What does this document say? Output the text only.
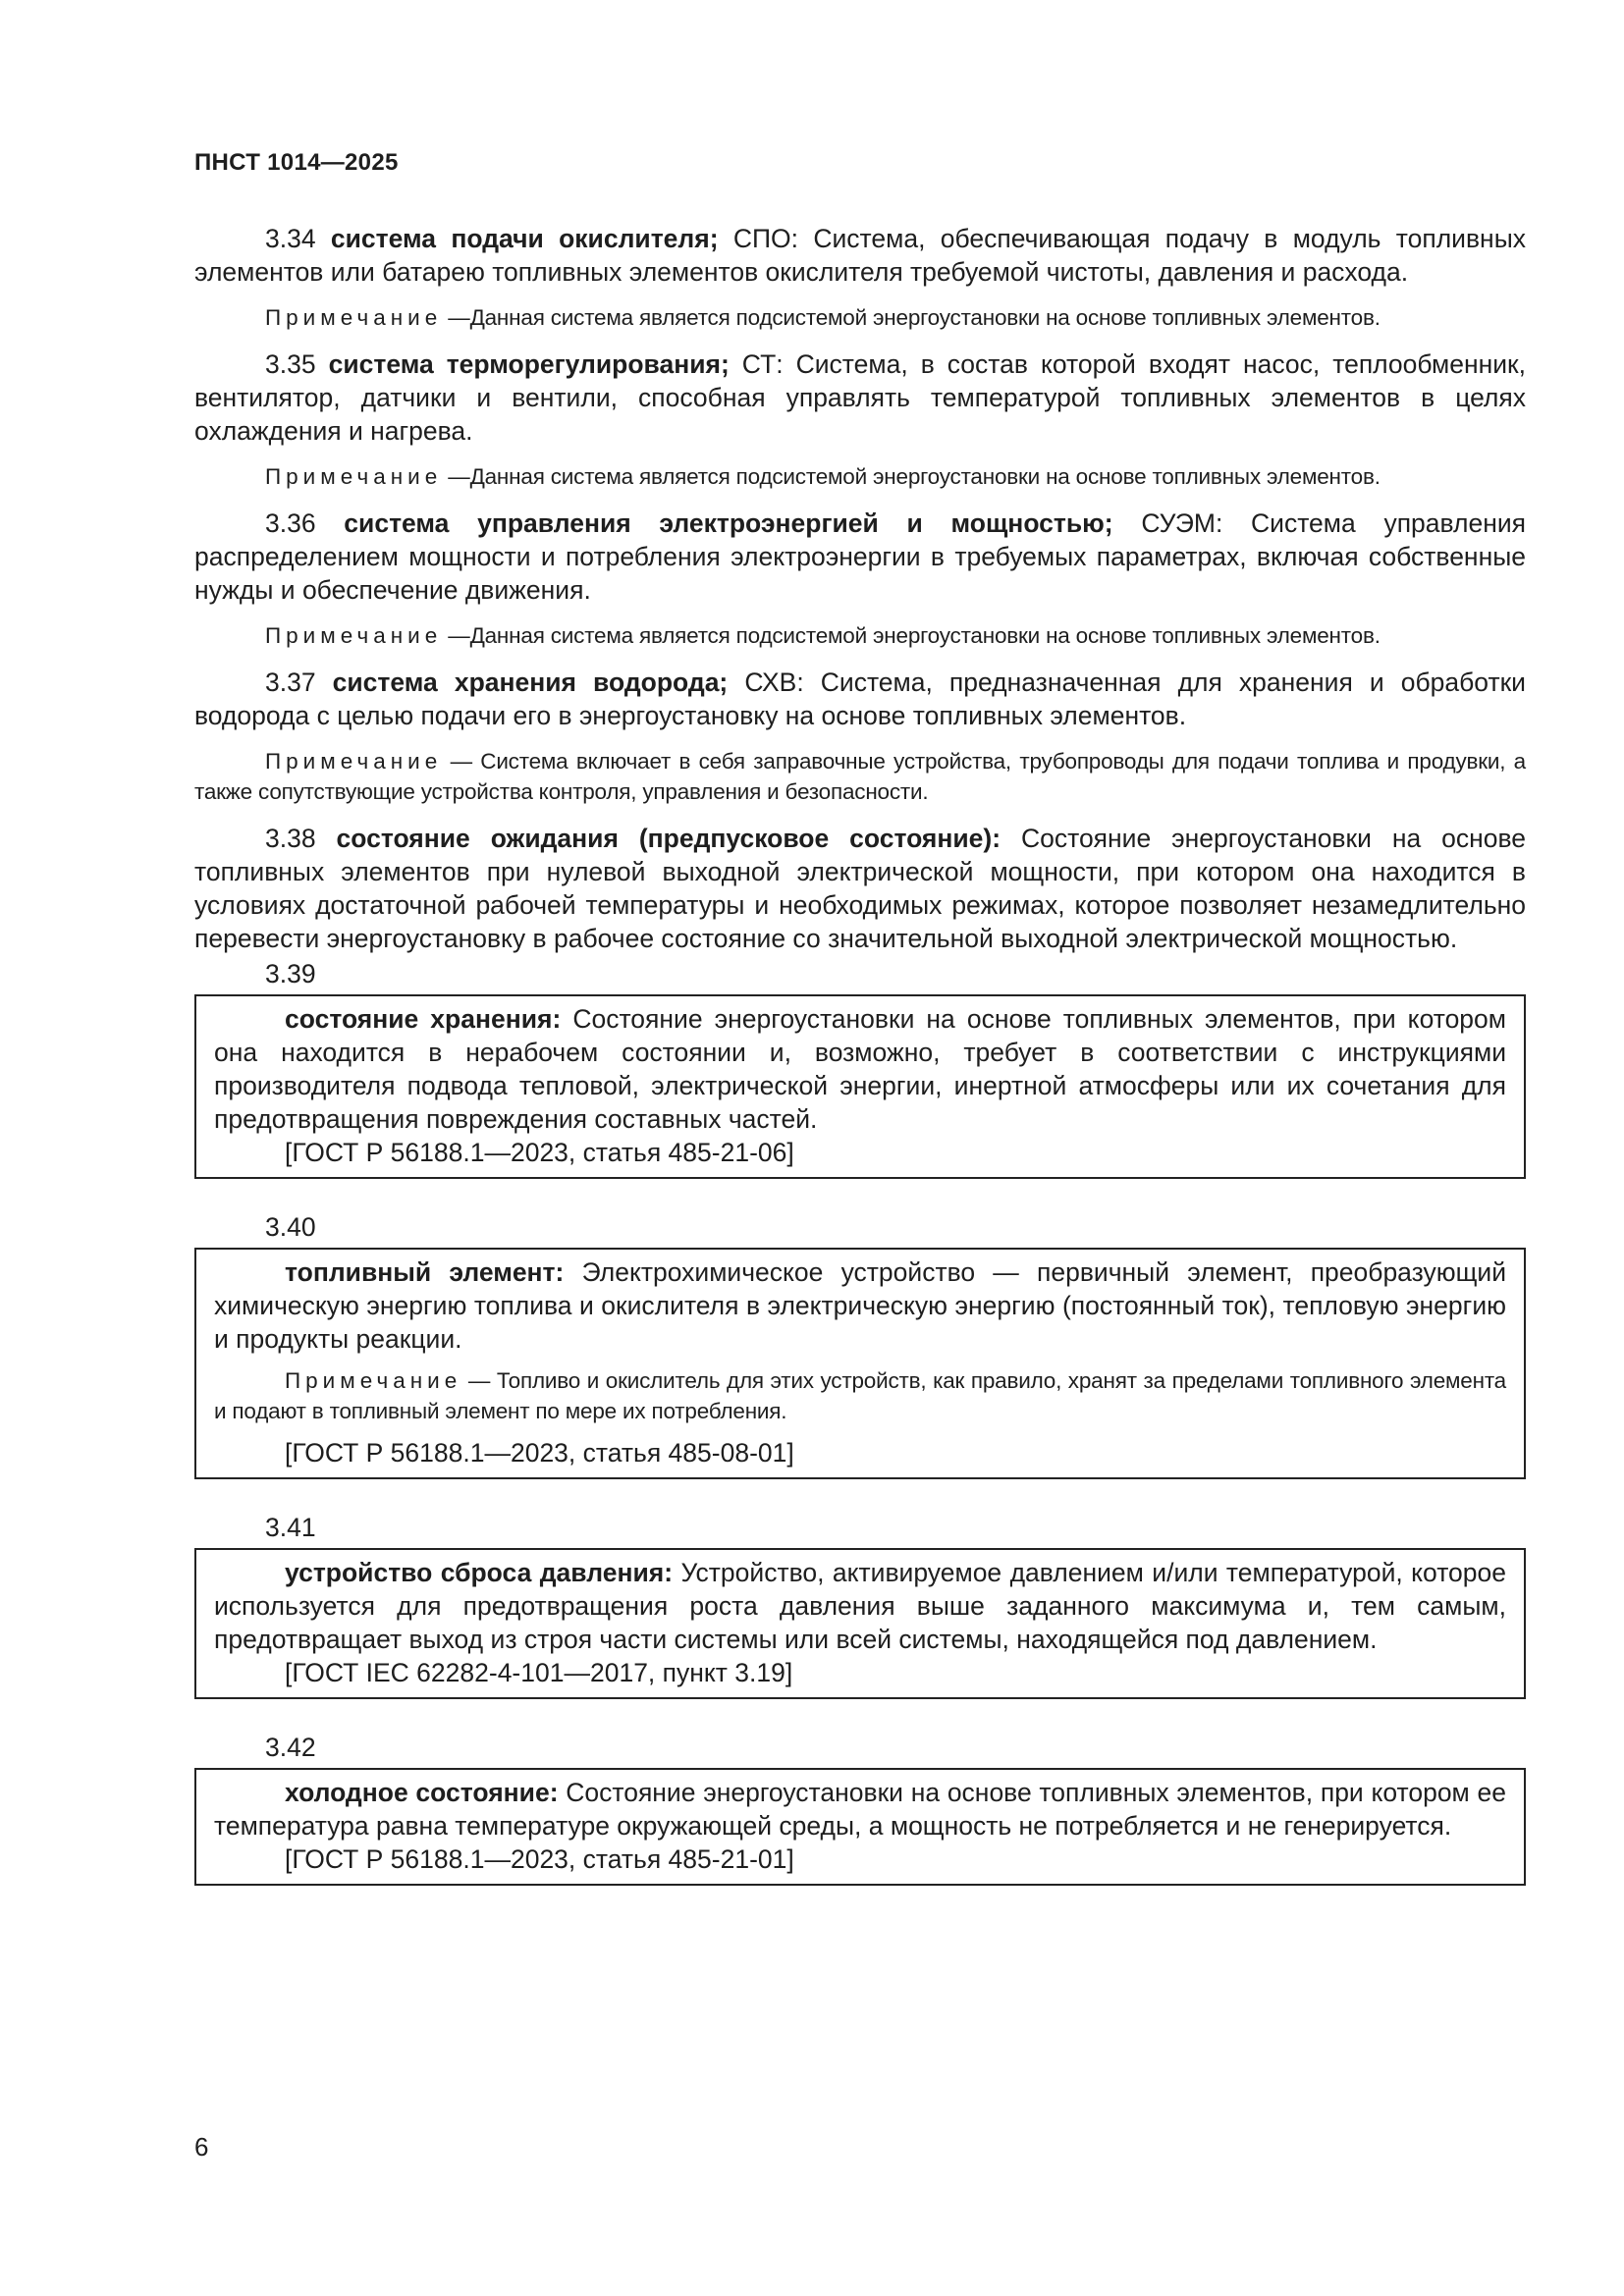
ПНСТ 1014—2025

3.34 система подачи окислителя; СПО: Система, обеспечивающая подачу в модуль топливных элементов или батарею топливных элементов окислителя требуемой чистоты, давления и расхода.

Примечание —Данная система является подсистемой энергоустановки на основе топливных элементов.

3.35 система терморегулирования; СТ: Система, в состав которой входят насос, теплообменник, вентилятор, датчики и вентили, способная управлять температурой топливных элементов в целях охлаждения и нагрева.

Примечание —Данная система является подсистемой энергоустановки на основе топливных элементов.

3.36 система управления электроэнергией и мощностью; СУЭМ: Система управления распределением мощности и потребления электроэнергии в требуемых параметрах, включая собственные нужды и обеспечение движения.

Примечание —Данная система является подсистемой энергоустановки на основе топливных элементов.

3.37 система хранения водорода; СХВ: Система, предназначенная для хранения и обработки водорода с целью подачи его в энергоустановку на основе топливных элементов.

Примечание — Система включает в себя заправочные устройства, трубопроводы для подачи топлива и продувки, а также сопутствующие устройства контроля, управления и безопасности.

3.38 состояние ожидания (предпусковое состояние): Состояние энергоустановки на основе топливных элементов при нулевой выходной электрической мощности, при котором она находится в условиях достаточной рабочей температуры и необходимых режимах, которое позволяет незамедлительно перевести энергоустановку в рабочее состояние со значительной выходной электрической мощностью.

3.39

состояние хранения: Состояние энергоустановки на основе топливных элементов, при котором она находится в нерабочем состоянии и, возможно, требует в соответствии с инструкциями производителя подвода тепловой, электрической энергии, инертной атмосферы или их сочетания для предотвращения повреждения составных частей.

[ГОСТ Р 56188.1—2023, статья 485-21-06]
3.40

топливный элемент: Электрохимическое устройство — первичный элемент, преобразующий химическую энергию топлива и окислителя в электрическую энергию (постоянный ток), тепловую энергию и продукты реакции.

Примечание — Топливо и окислитель для этих устройств, как правило, хранят за пределами топливного элемента и подают в топливный элемент по мере их потребления.

[ГОСТ Р 56188.1—2023, статья 485-08-01]
3.41

устройство сброса давления: Устройство, активируемое давлением и/или температурой, которое используется для предотвращения роста давления выше заданного максимума и, тем самым, предотвращает выход из строя части системы или всей системы, находящейся под давлением.

[ГОСТ IEC 62282-4-101—2017, пункт 3.19]
3.42

холодное состояние: Состояние энергоустановки на основе топливных элементов, при котором ее температура равна температуре окружающей среды, а мощность не потребляется и не генерируется.

[ГОСТ Р 56188.1—2023, статья 485-21-01]
6
